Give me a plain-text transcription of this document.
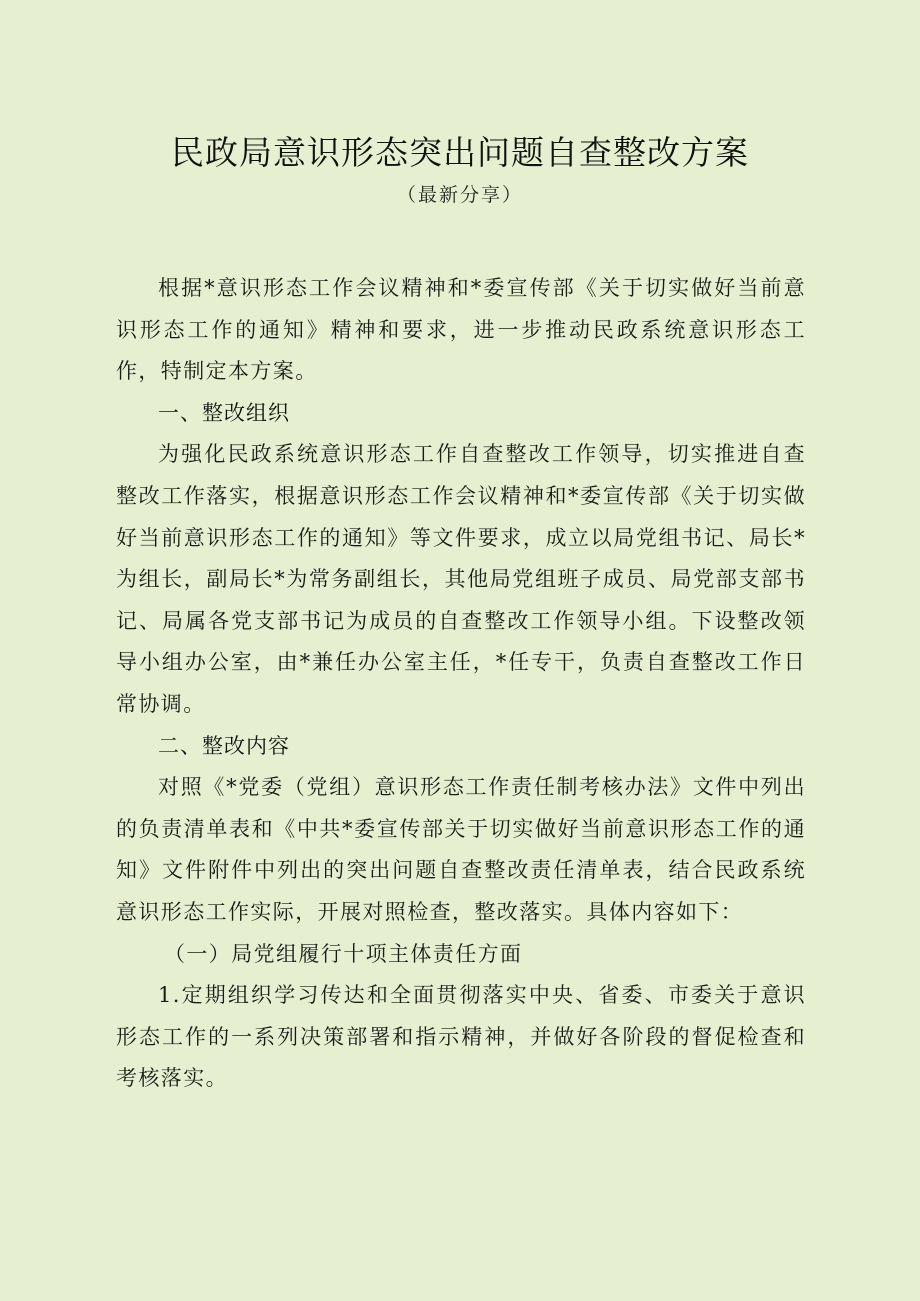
民政局意识形态突出问题自查整改方案
（最新分享）

根据*意识形态工作会议精神和*委宣传部《关于切实做好当前意识形态工作的通知》精神和要求，进一步推动民政系统意识形态工作，特制定本方案。

一、整改组织

为强化民政系统意识形态工作自查整改工作领导，切实推进自查整改工作落实，根据意识形态工作会议精神和*委宣传部《关于切实做好当前意识形态工作的通知》等文件要求，成立以局党组书记、局长*为组长，副局长*为常务副组长，其他局党组班子成员、局党部支部书记、局属各党支部书记为成员的自查整改工作领导小组。下设整改领导小组办公室，由*兼任办公室主任，*任专干，负责自查整改工作日常协调。

二、整改内容

对照《*党委（党组）意识形态工作责任制考核办法》文件中列出的负责清单表和《中共*委宣传部关于切实做好当前意识形态工作的通知》文件附件中列出的突出问题自查整改责任清单表，结合民政系统意识形态工作实际，开展对照检查，整改落实。具体内容如下：

（一）局党组履行十项主体责任方面

1.定期组织学习传达和全面贯彻落实中央、省委、市委关于意识形态工作的一系列决策部署和指示精神，并做好各阶段的督促检查和考核落实。
